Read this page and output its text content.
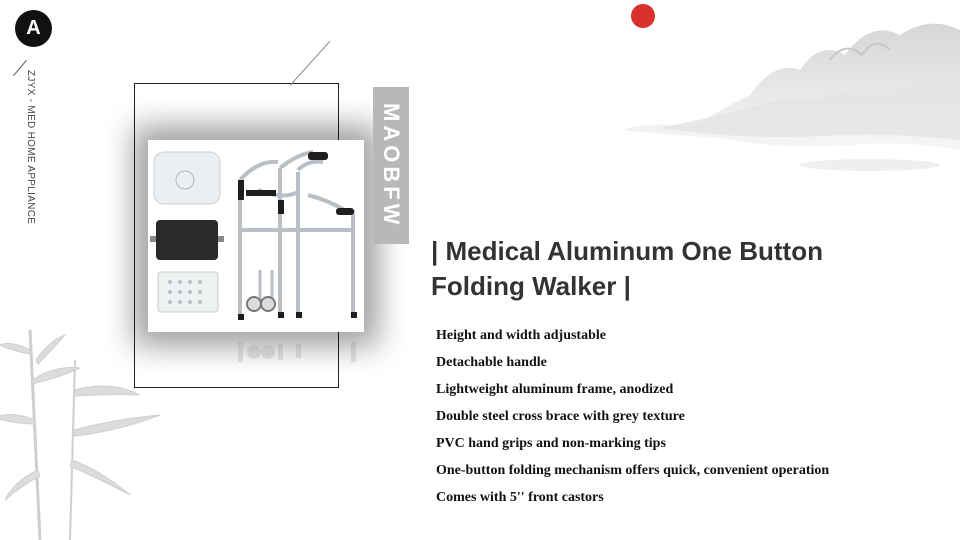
A
ZJYX - MED HOME APPLIANCE	MAOBFW
| Medical Aluminum One Button Folding Walker |
Height and width adjustable
Detachable handle
Lightweight aluminum frame, anodized
Double steel cross brace with grey texture
PVC hand grips and non-marking tips
One-button folding mechanism offers quick, convenient operation
Comes with 5'' front castors
